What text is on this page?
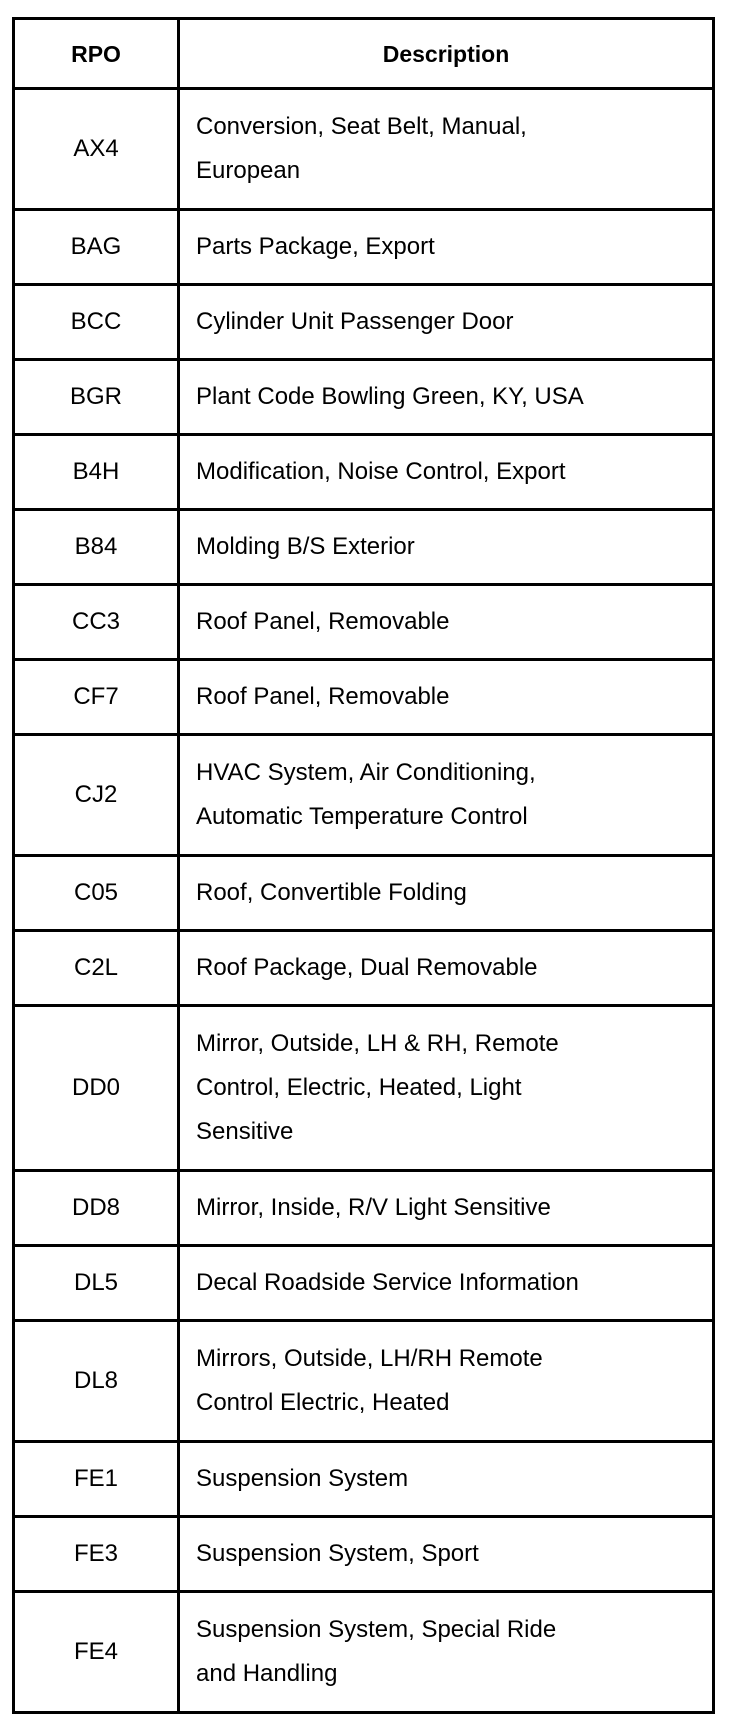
RPO	Description
AX4	Conversion, Seat Belt, Manual,
European

BAG	Parts Package, Export

BCC	Cylinder Unit Passenger Door

BGR	Plant Code Bowling Green, KY, USA

B4H	Modification, Noise Control, Export

B84	Molding B/S Exterior

CC3	Roof Panel, Removable

CF7	Roof Panel, Removable

CJ2	HVAC System, Air Conditioning,
Automatic Temperature Control

C05	Roof, Convertible Folding

C2L	Roof Package, Dual Removable

DD0	Mirror, Outside, LH & RH, Remote
Control, Electric, Heated, Light
Sensitive

DD8	Mirror, Inside, R/V Light Sensitive

DL5	Decal Roadside Service Information

DL8	Mirrors, Outside, LH/RH Remote
Control Electric, Heated

FE1	Suspension System

FE3	Suspension System, Sport

FE4	Suspension System, Special Ride
and Handling
